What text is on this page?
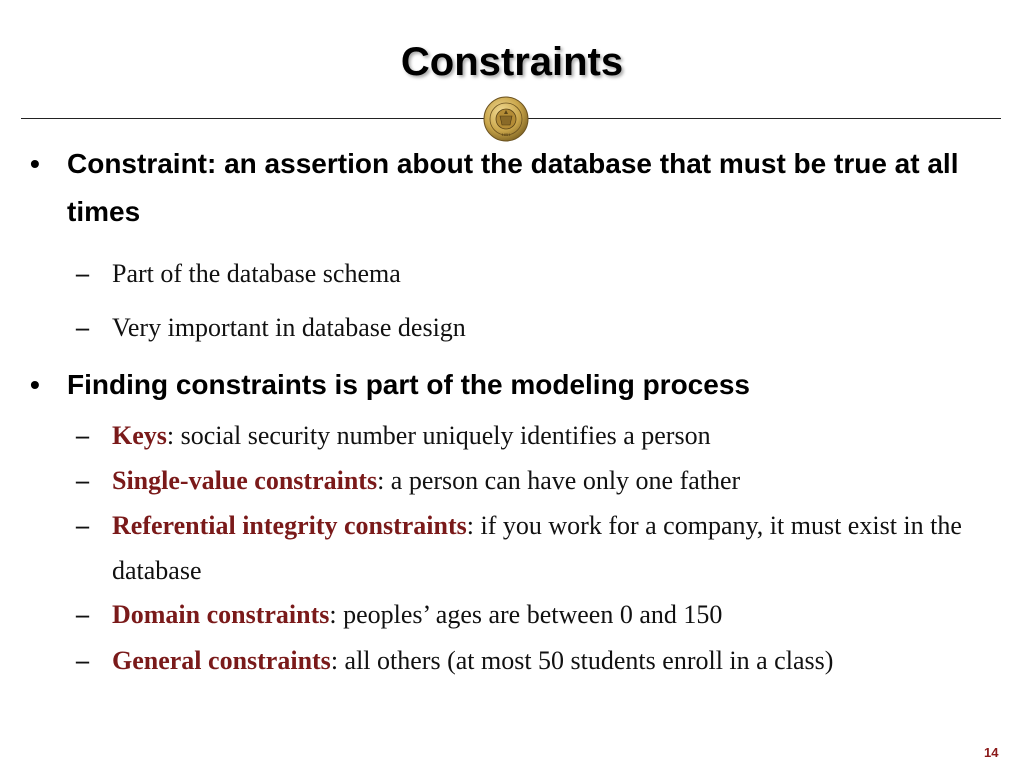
Constraints
1851
• Constraint: an assertion about the database that must be true at all times
– Part of the database schema
– Very important in database design
• Finding constraints is part of the modeling process
– Keys: social security number uniquely identifies a person
– Single-value constraints: a person can have only one father
– Referential integrity constraints: if you work for a company, it must exist in the database
– Domain constraints: peoples’ ages are between 0 and 150
– General constraints: all others (at most 50 students enroll in a class)
14
